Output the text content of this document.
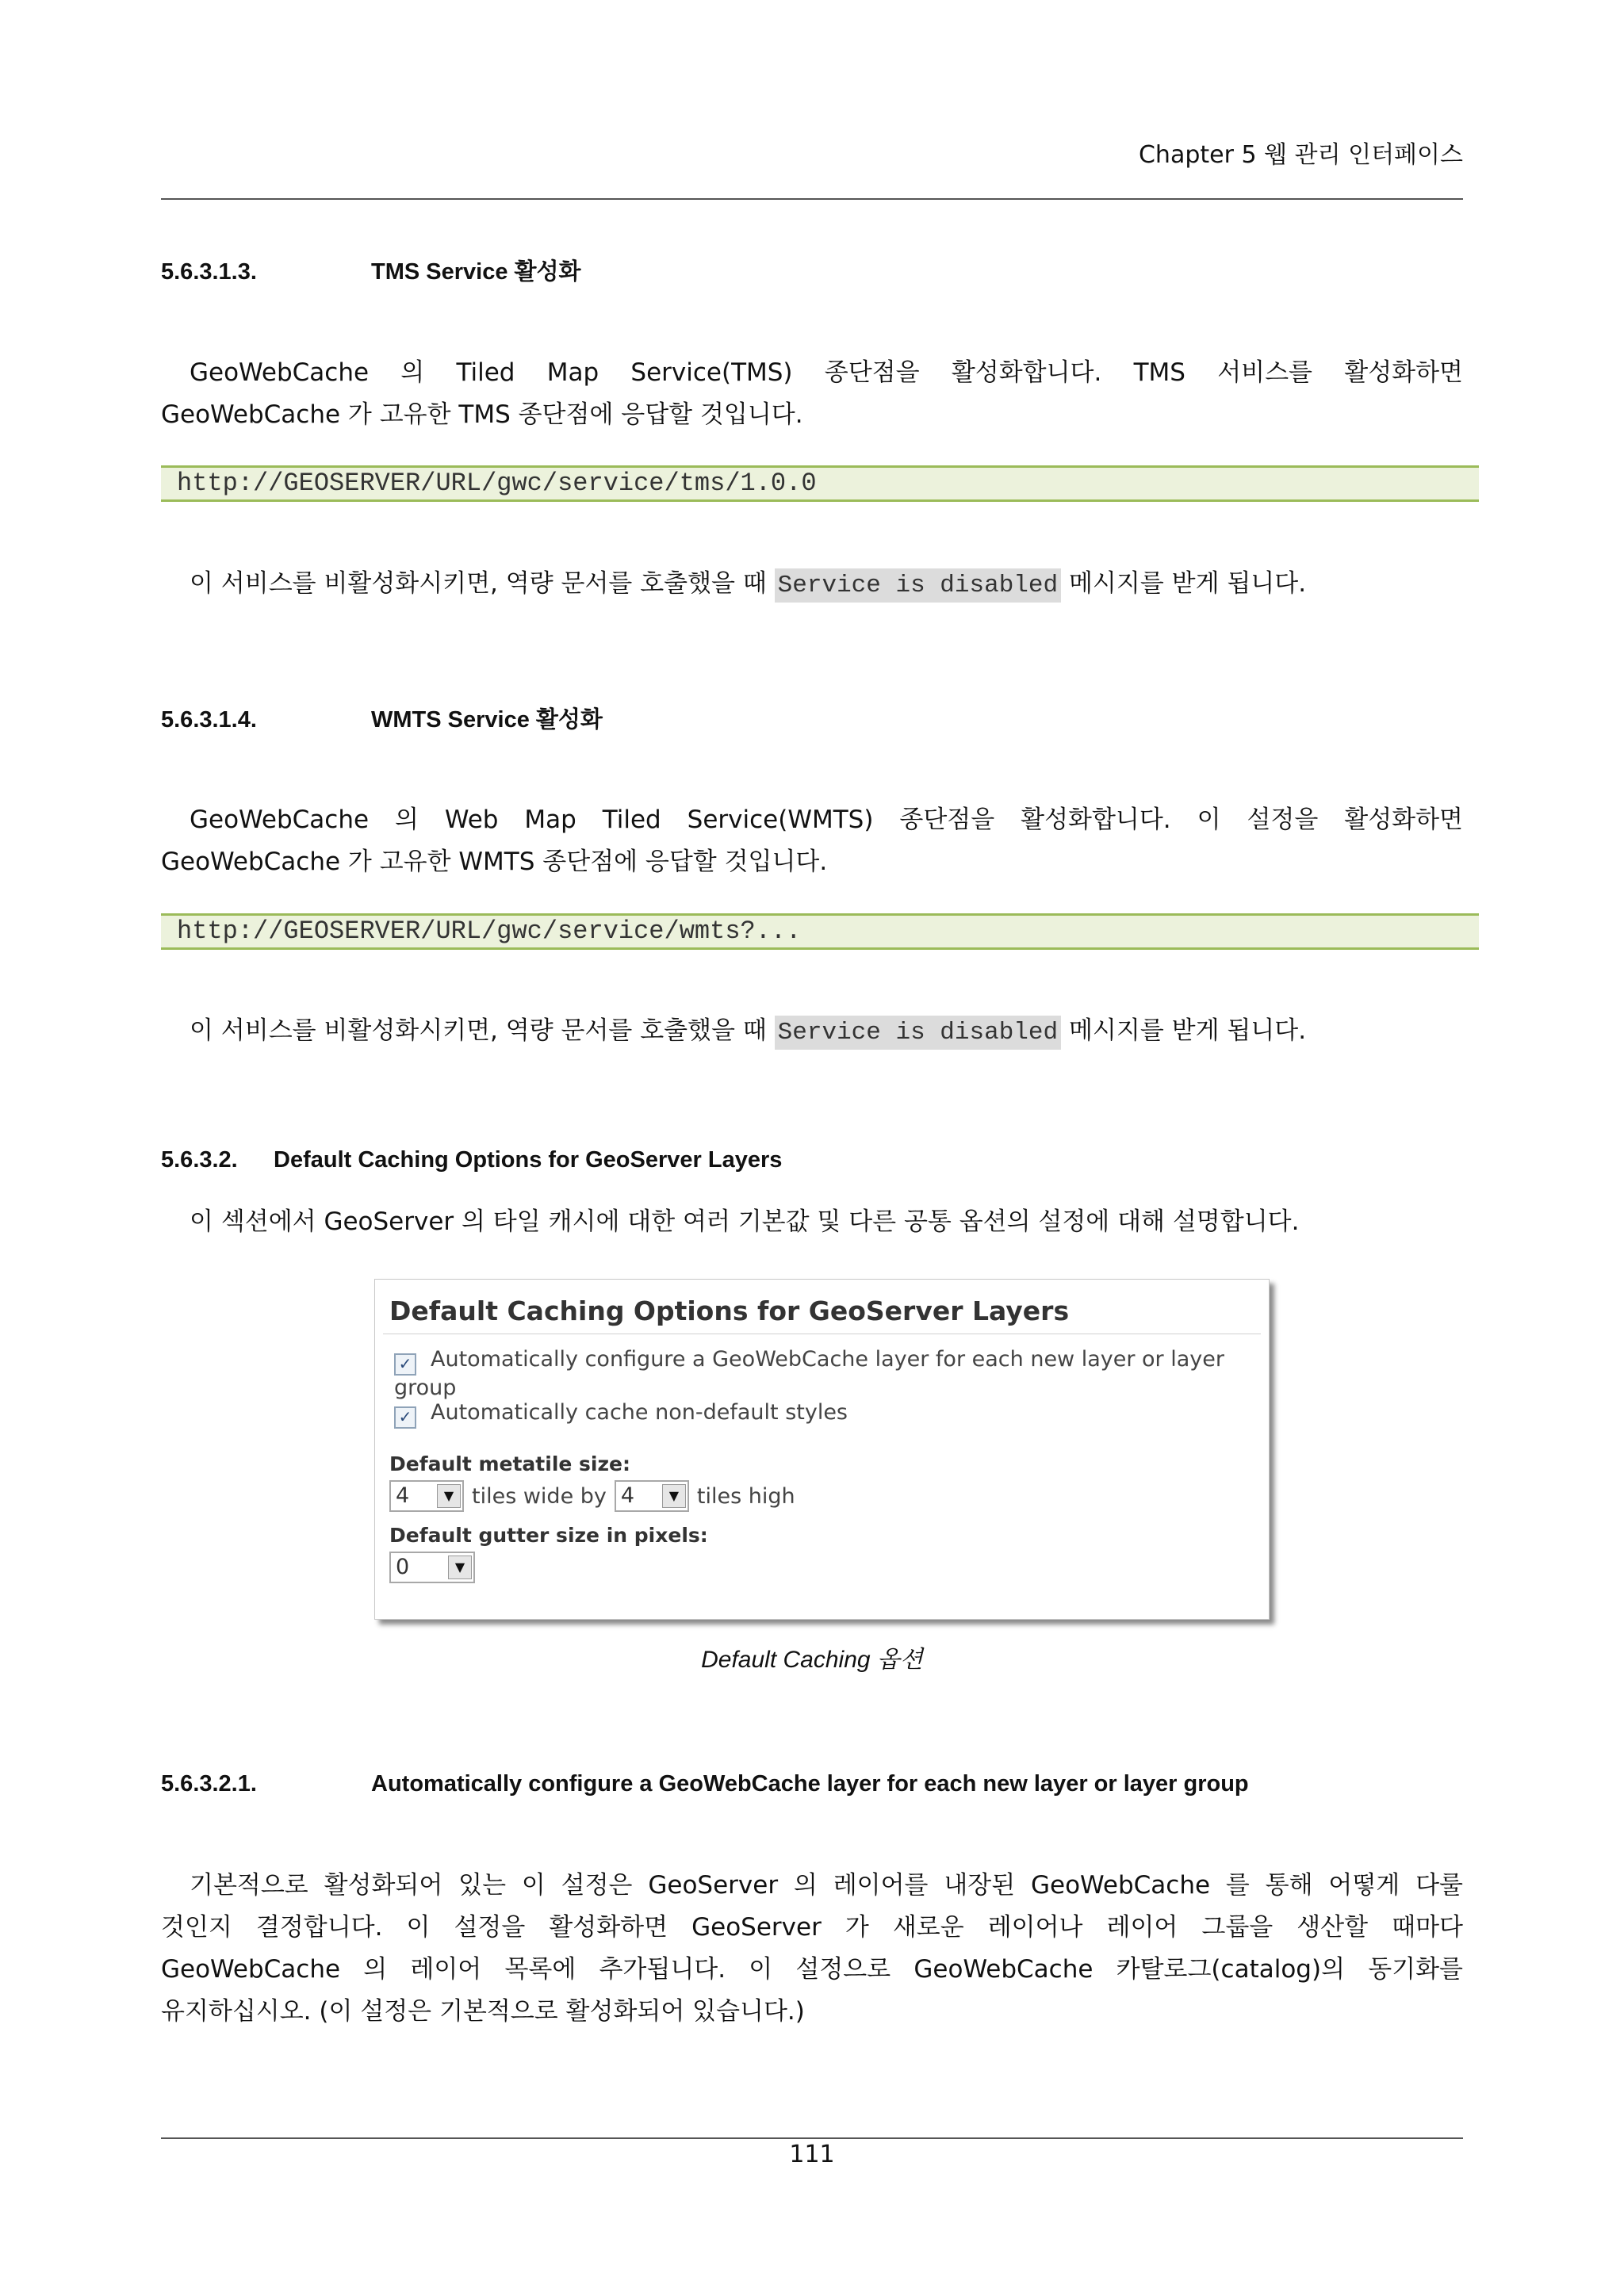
Chapter 5 웹 관리 인터페이스
5.6.3.1.3.	TMS Service 활성화
GeoWebCache 의 Tiled Map Service(TMS) 종단점을 활성화합니다. TMS 서비스를 활성화하면
GeoWebCache 가 고유한 TMS 종단점에 응답할 것입니다.
http://GEOSERVER/URL/gwc/service/tms/1.0.0
이 서비스를 비활성화시키면, 역량 문서를 호출했을 때 Service is disabled 메시지를 받게 됩니다.
5.6.3.1.4.	WMTS Service 활성화
GeoWebCache 의 Web Map Tiled Service(WMTS) 종단점을 활성화합니다. 이 설정을 활성화하면
GeoWebCache 가 고유한 WMTS 종단점에 응답할 것입니다.
http://GEOSERVER/URL/gwc/service/wmts?...
이 서비스를 비활성화시키면, 역량 문서를 호출했을 때 Service is disabled 메시지를 받게 됩니다.
5.6.3.2. Default Caching Options for GeoServer Layers
이 섹션에서 GeoServer 의 타일 캐시에 대한 여러 기본값 및 다른 공통 옵션의 설정에 대해 설명합니다.
Default Caching Options for GeoServer Layers
✓ Automatically configure a GeoWebCache layer for each new layer or layer group
✓ Automatically cache non-default styles
Default metatile size:
4	▼ tiles wide by 4	▼ tiles high
Default gutter size in pixels:
0	▼
Default Caching 옵션
5.6.3.2.1.	Automatically configure a GeoWebCache layer for each new layer or layer group
기본적으로 활성화되어 있는 이 설정은 GeoServer 의 레이어를 내장된 GeoWebCache 를 통해 어떻게 다룰
것인지 결정합니다. 이 설정을 활성화하면 GeoServer 가 새로운 레이어나 레이어 그룹을 생산할 때마다
GeoWebCache 의 레이어 목록에 추가됩니다. 이 설정으로 GeoWebCache 카탈로그(catalog)의 동기화를
유지하십시오. (이 설정은 기본적으로 활성화되어 있습니다.)
111
